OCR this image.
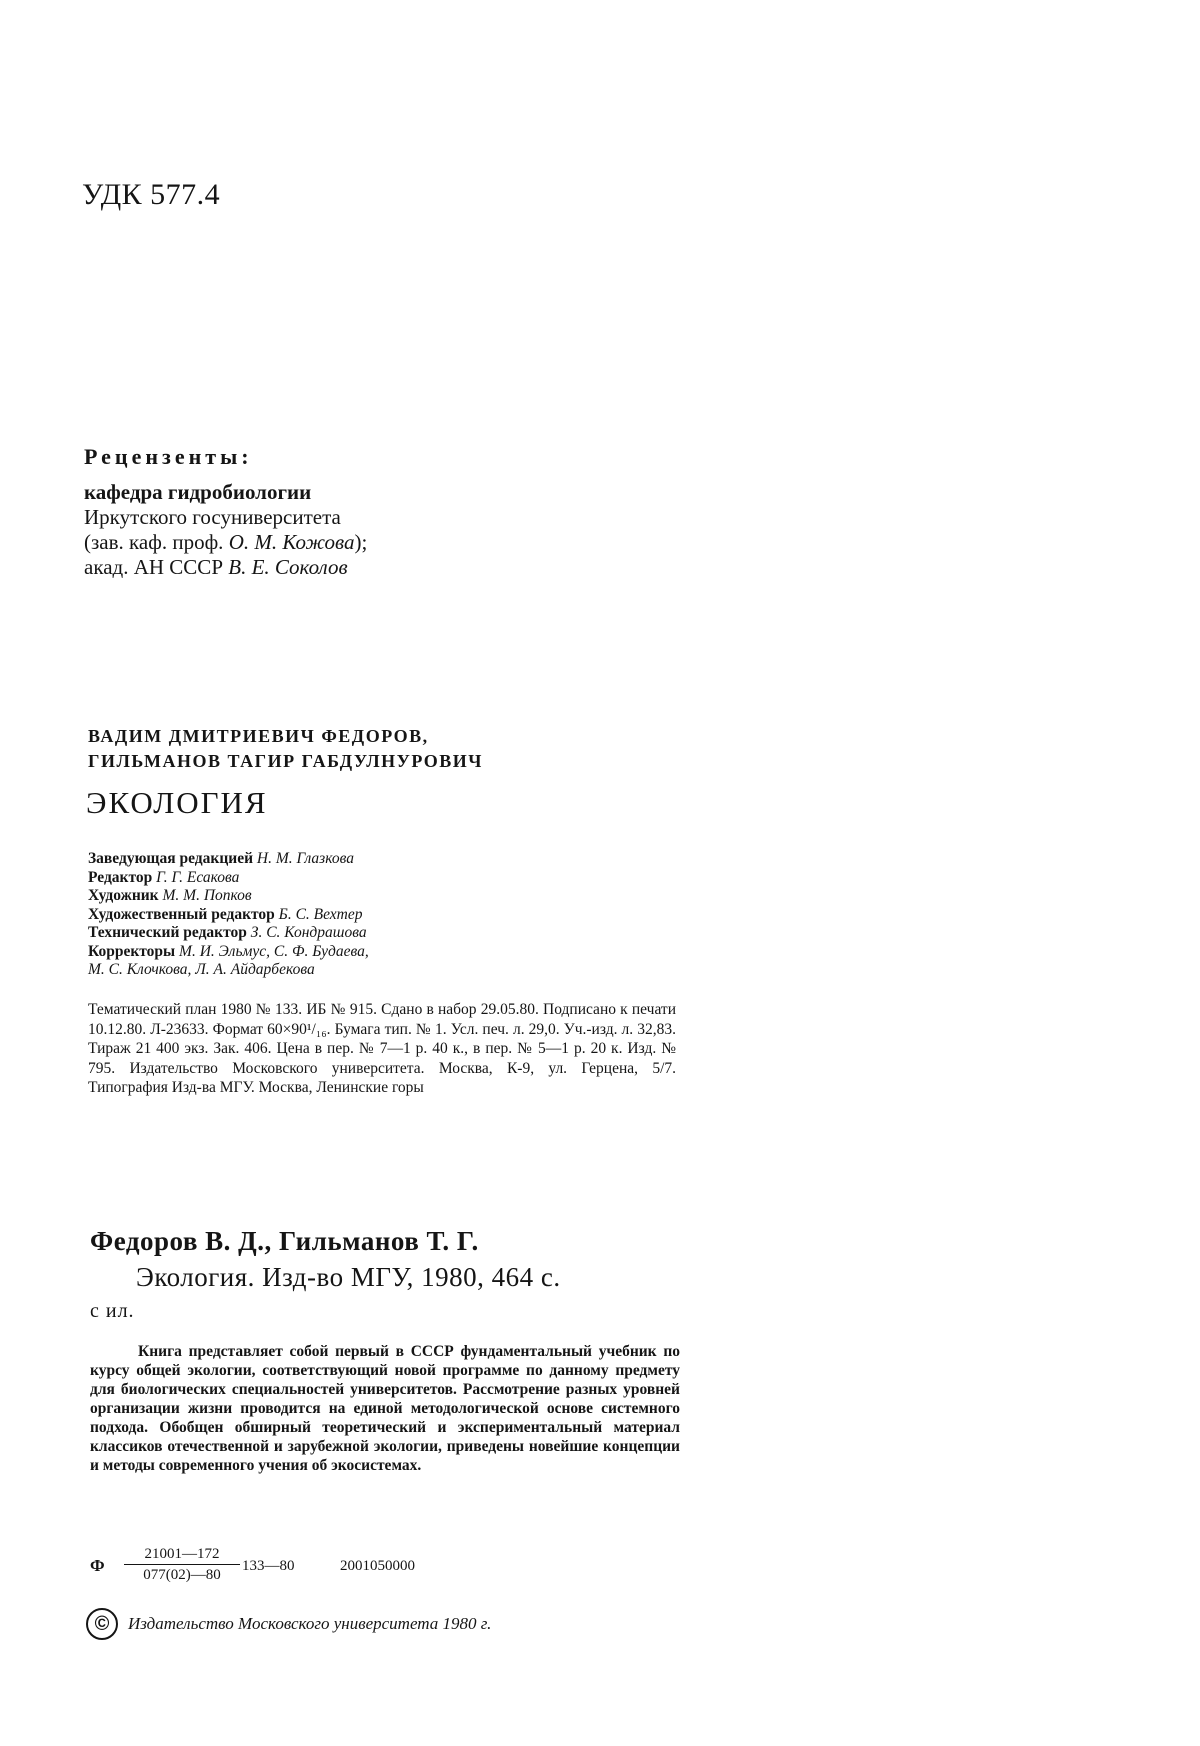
УДК 577.4
Рецензенты:
кафедра гидробиологии
Иркутского госуниверситета
(зав. каф. проф. О. М. Кожова);
акад. АН СССР В. Е. Соколов
ВАДИМ ДМИТРИЕВИЧ ФЕДОРОВ,
ГИЛЬМАНОВ ТАГИР ГАБДУЛНУРОВИЧ
ЭКОЛОГИЯ
Заведующая редакцией Н. М. Глазкова
Редактор Г. Г. Есакова
Художник М. М. Попков
Художественный редактор Б. С. Вехтер
Технический редактор З. С. Кондрашова
Корректоры М. И. Эльмус, С. Ф. Будаева,
М. С. Клочкова, Л. А. Айдарбекова
Тематический план 1980 № 133. ИБ № 915. Сдано в набор 29.05.80. Подписано к печати 10.12.80. Л-23633. Формат 60×90¹/₁₆. Бумага тип. № 1. Усл. печ. л. 29,0. Уч.-изд. л. 32,83. Тираж 21 400 экз. Зак. 406. Цена в пер. № 7—1 р. 40 к., в пер. № 5—1 р. 20 к. Изд. № 795. Издательство Московского университета. Москва, К-9, ул. Герцена, 5/7. Типография Изд-ва МГУ. Москва, Ленинские горы
Федоров В. Д., Гильманов Т. Г.
Экология. Изд-во МГУ, 1980, 464 с.
с ил.
Книга представляет собой первый в СССР фундаментальный учебник по курсу общей экологии, соответствующий новой программе по данному предмету для биологических специальностей университетов. Рассмотрение разных уровней организации жизни проводится на единой методологической основе системного подхода. Обобщен обширный теоретический и экспериментальный материал классиков отечественной и зарубежной экологии, приведены новейшие концепции и методы современного учения об экосистемах.
Ф $\frac{21001—172}{077(02)—80}$ 133—80	2001050000
©	Издательство Московского университета 1980 г.
